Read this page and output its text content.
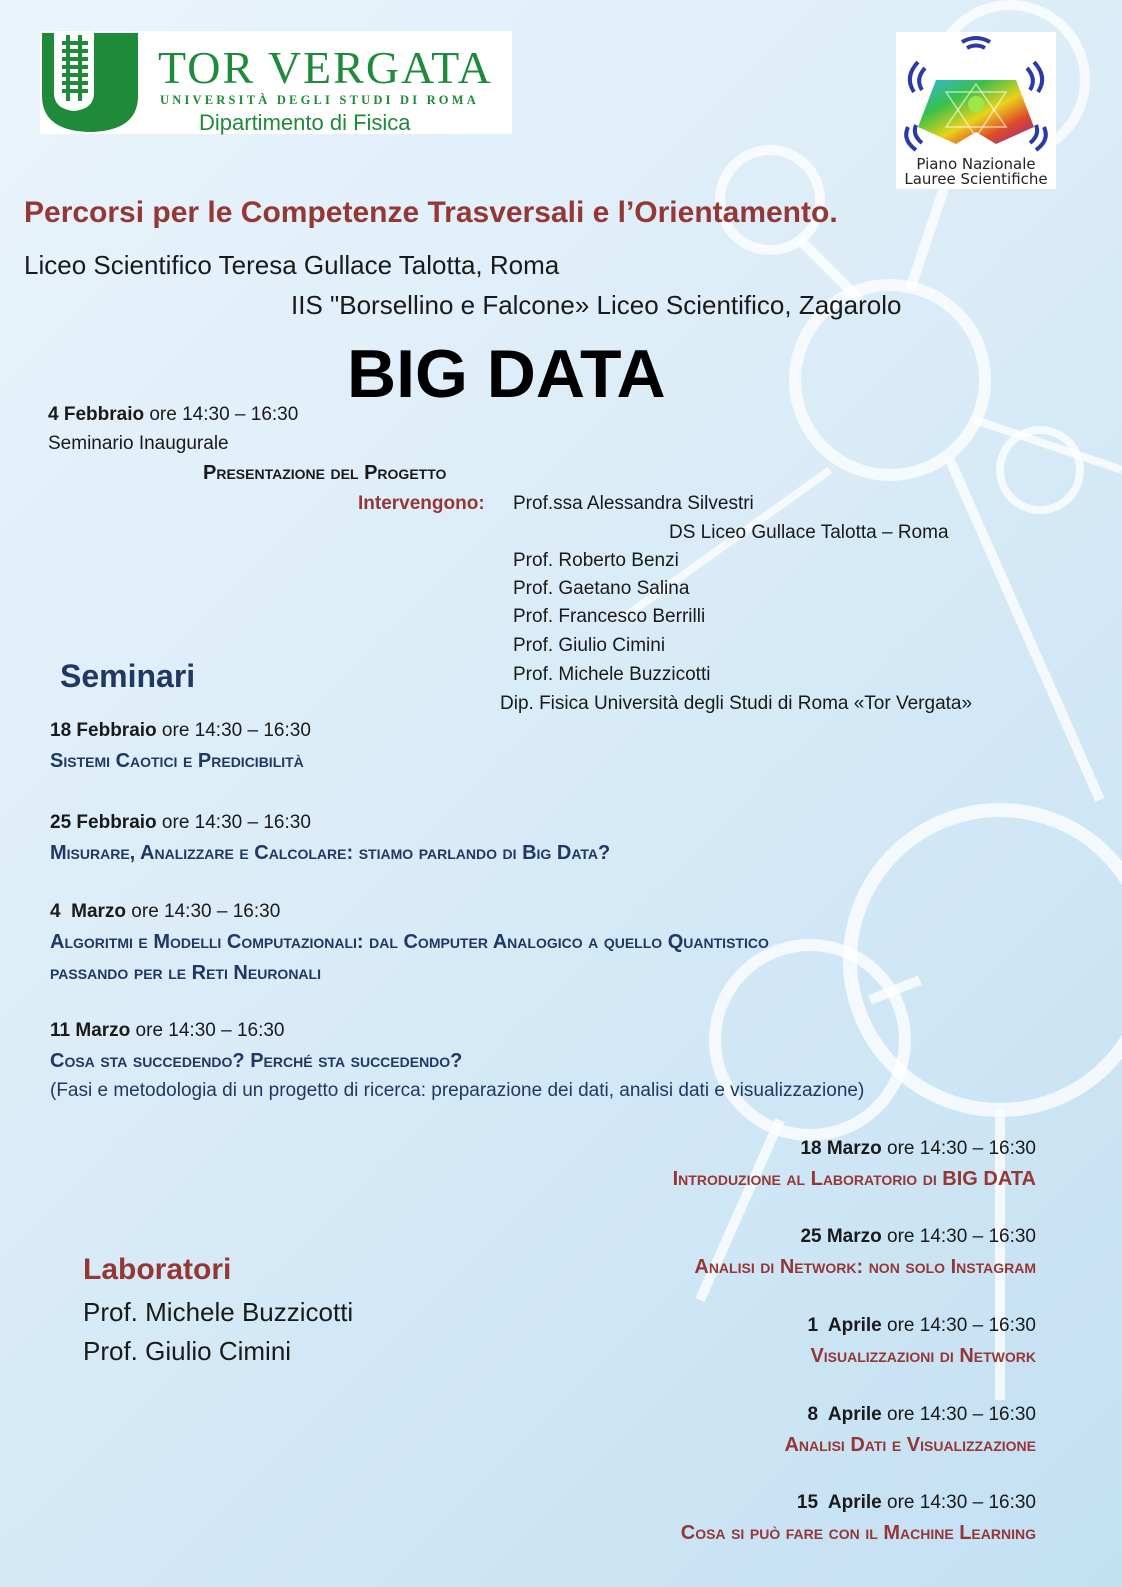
TOR VERGATA
UNIVERSITÀ DEGLI STUDI DI ROMA
Dipartimento di Fisica
Piano Nazionale
Lauree Scientifiche
Percorsi per le Competenze Trasversali e l’Orientamento.
Liceo Scientifico Teresa Gullace Talotta, Roma
IIS "Borsellino e Falcone» Liceo Scientifico, Zagarolo
BIG DATA
4 Febbraio ore 14:30 – 16:30
Seminario Inaugurale
Presentazione del Progetto
Intervengono: Prof.ssa Alessandra Silvestri
DS Liceo Gullace Talotta – Roma
Prof. Roberto Benzi
Prof. Gaetano Salina
Prof. Francesco Berrilli
Prof. Giulio Cimini
Prof. Michele Buzzicotti
Dip. Fisica Università degli Studi di Roma «Tor Vergata»
Seminari
18 Febbraio ore 14:30 – 16:30
Sistemi Caotici e Predicibilità
25 Febbraio ore 14:30 – 16:30
Misurare, Analizzare e Calcolare: stiamo parlando di Big Data?
4  Marzo ore 14:30 – 16:30
Algoritmi e Modelli Computazionali: dal Computer Analogico a quello Quantistico
passando per le Reti Neuronali
11 Marzo ore 14:30 – 16:30
Cosa sta succedendo? Perché sta succedendo?
(Fasi e metodologia di un progetto di ricerca: preparazione dei dati, analisi dati e visualizzazione)
Laboratori
Prof. Michele Buzzicotti
Prof. Giulio Cimini
18 Marzo ore 14:30 – 16:30
Introduzione al Laboratorio di BIG DATA
25 Marzo ore 14:30 – 16:30
Analisi di Network: non solo Instagram
1  Aprile ore 14:30 – 16:30
Visualizzazioni di Network
8  Aprile ore 14:30 – 16:30
Analisi Dati e Visualizzazione
15  Aprile ore 14:30 – 16:30
Cosa si può fare con il Machine Learning
